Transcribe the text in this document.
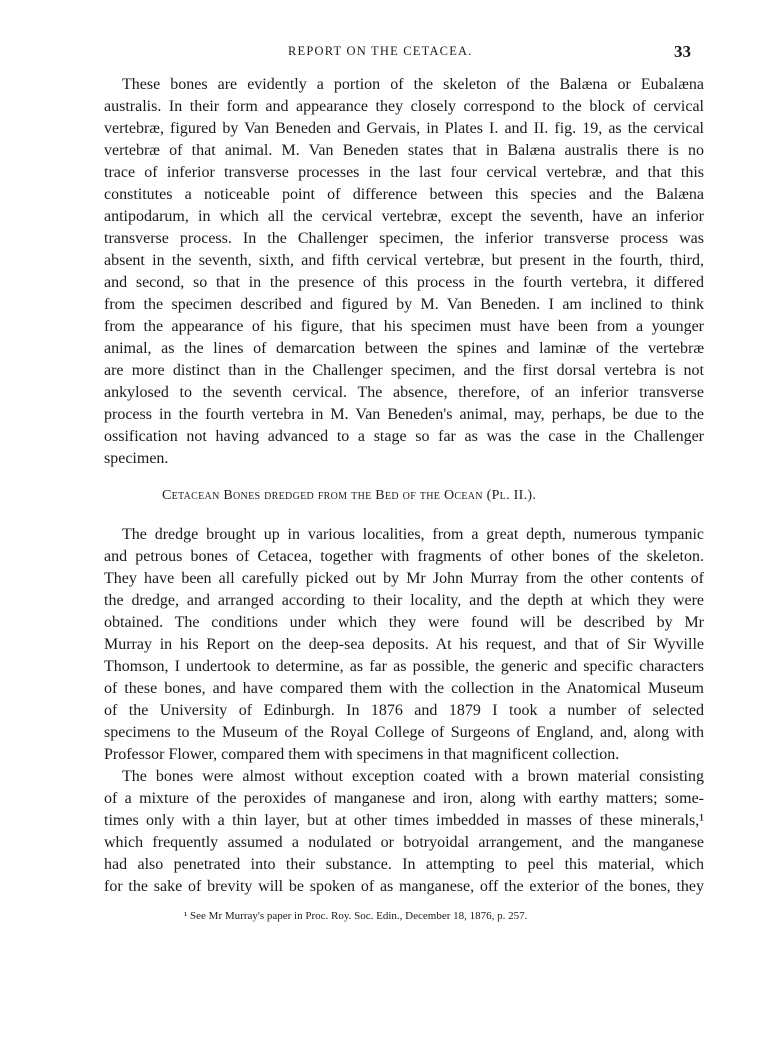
REPORT ON THE CETACEA.	33
These bones are evidently a portion of the skeleton of the Balæna or Eubalæna
australis. In their form and appearance they closely correspond to the block of cervical
vertebræ, figured by Van Beneden and Gervais, in Plates I. and II. fig. 19, as the cervical
vertebræ of that animal. M. Van Beneden states that in Balæna australis there is no
trace of inferior transverse processes in the last four cervical vertebræ, and that this
constitutes a noticeable point of difference between this species and the Balæna
antipodarum, in which all the cervical vertebræ, except the seventh, have an inferior
transverse process. In the Challenger specimen, the inferior transverse process was
absent in the seventh, sixth, and fifth cervical vertebræ, but present in the fourth, third,
and second, so that in the presence of this process in the fourth vertebra, it differed
from the specimen described and figured by M. Van Beneden. I am inclined to think
from the appearance of his figure, that his specimen must have been from a younger
animal, as the lines of demarcation between the spines and laminæ of the vertebræ
are more distinct than in the Challenger specimen, and the first dorsal vertebra is not
ankylosed to the seventh cervical. The absence, therefore, of an inferior transverse
process in the fourth vertebra in M. Van Beneden's animal, may, perhaps, be due to the
ossification not having advanced to a stage so far as was the case in the Challenger
specimen.
Cetacean Bones dredged from the Bed of the Ocean (Pl. II.).
The dredge brought up in various localities, from a great depth, numerous tympanic
and petrous bones of Cetacea, together with fragments of other bones of the skeleton.
They have been all carefully picked out by Mr John Murray from the other contents of
the dredge, and arranged according to their locality, and the depth at which they were
obtained. The conditions under which they were found will be described by Mr
Murray in his Report on the deep-sea deposits. At his request, and that of Sir Wyville
Thomson, I undertook to determine, as far as possible, the generic and specific characters
of these bones, and have compared them with the collection in the Anatomical Museum
of the University of Edinburgh. In 1876 and 1879 I took a number of selected
specimens to the Museum of the Royal College of Surgeons of England, and, along with
Professor Flower, compared them with specimens in that magnificent collection.
The bones were almost without exception coated with a brown material consisting
of a mixture of the peroxides of manganese and iron, along with earthy matters; some-
times only with a thin layer, but at other times imbedded in masses of these minerals,¹
which frequently assumed a nodulated or botryoidal arrangement, and the manganese
had also penetrated into their substance. In attempting to peel this material, which
for the sake of brevity will be spoken of as manganese, off the exterior of the bones, they
¹ See Mr Murray's paper in Proc. Roy. Soc. Edin., December 18, 1876, p. 257.
